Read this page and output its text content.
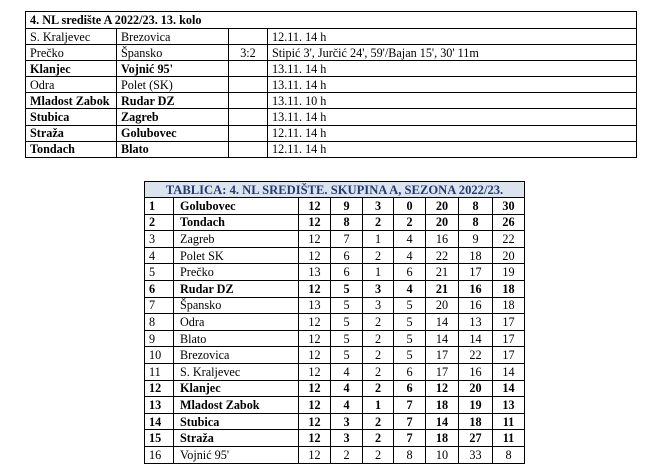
4. NL središte A 2022/23. 13. kolo			
S. Kraljevec	Brezovica		12.11. 14 h
Prečko	Špansko	3:2	Stipić 3', Jurčić 24', 59'/Bajan 15', 30' 11m
Klanjec	Vojnić 95'		13.11. 14 h
Odra	Polet (SK)		13.11. 14 h
Mladost Zabok	Rudar DZ		13.11. 10 h
Stubica	Zagreb		13.11. 14 h
Straža	Golubovec		12.11. 14 h
Tondach	Blato		12.11. 14 h
TABLICA: 4. NL SREDIŠTE. SKUPINA A, SEZONA 2022/23.								
1	Golubovec	12	9	3	0	20	8	30
2	Tondach	12	8	2	2	20	8	26
3	Zagreb	12	7	1	4	16	9	22
4	Polet SK	12	6	2	4	22	18	20
5	Prečko	13	6	1	6	21	17	19
6	Rudar DZ	12	5	3	4	21	16	18
7	Špansko	13	5	3	5	20	16	18
8	Odra	12	5	2	5	14	13	17
9	Blato	12	5	2	5	14	14	17
10	Brezovica	12	5	2	5	17	22	17
11	S. Kraljevec	12	4	2	6	17	16	14
12	Klanjec	12	4	2	6	12	20	14
13	Mladost Zabok	12	4	1	7	18	19	13
14	Stubica	12	3	2	7	14	18	11
15	Straža	12	3	2	7	18	27	11
16	Vojnić 95'	12	2	2	8	10	33	8
